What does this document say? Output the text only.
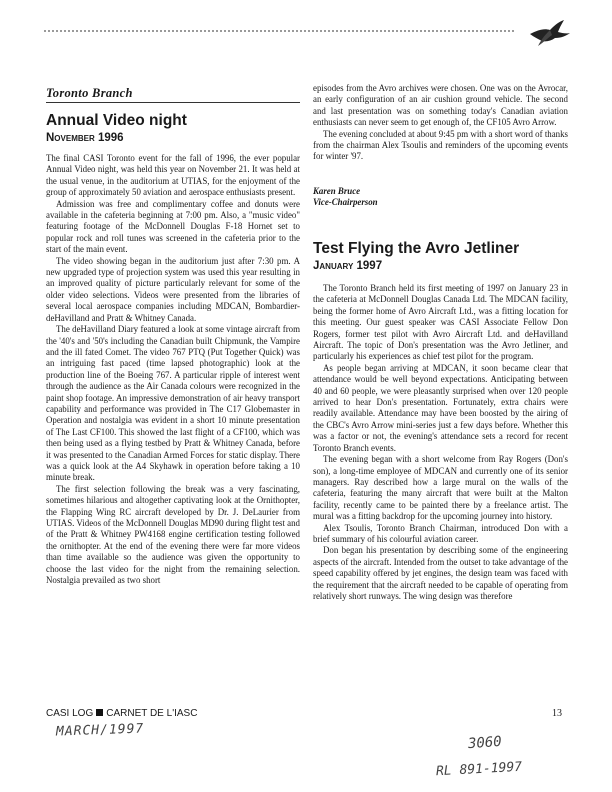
Toronto Branch
Annual Video night
November 1996

The final CASI Toronto event for the fall of 1996, the ever popular Annual Video night, was held this year on November 21. It was held at the usual venue, in the auditorium at UTIAS, for the enjoyment of the group of approximately 50 aviation and aerospace enthusiasts present.

Admission was free and complimentary coffee and donuts were available in the cafeteria beginning at 7:00 pm. Also, a "music video" featuring footage of the McDonnell Douglas F-18 Hornet set to popular rock and roll tunes was screened in the cafeteria prior to the start of the main event.

The video showing began in the auditorium just after 7:30 pm. A new upgraded type of projection system was used this year resulting in an improved quality of picture particularly relevant for some of the older video selections. Videos were presented from the libraries of several local aerospace companies including MDCAN, Bombardier-deHavilland and Pratt & Whitney Canada.

The deHavilland Diary featured a look at some vintage aircraft from the '40's and '50's including the Canadian built Chipmunk, the Vampire and the ill fated Comet. The video 767 PTQ (Put Together Quick) was an intriguing fast paced (time lapsed photographic) look at the production line of the Boeing 767. A particular ripple of interest went through the audience as the Air Canada colours were recognized in the paint shop footage. An impressive demonstration of air heavy transport capability and performance was provided in The C17 Globemaster in Operation and nostalgia was evident in a short 10 minute presentation of The Last CF100. This showed the last flight of a CF100, which was then being used as a flying testbed by Pratt & Whitney Canada, before it was presented to the Canadian Armed Forces for static display. There was a quick look at the A4 Skyhawk in operation before taking a 10 minute break.

The first selection following the break was a very fascinating, sometimes hilarious and altogether captivating look at the Ornithopter, the Flapping Wing RC aircraft developed by Dr. J. DeLaurier from UTIAS. Videos of the McDonnell Douglas MD90 during flight test and of the Pratt & Whitney PW4168 engine certification testing followed the ornithopter. At the end of the evening there were far more videos than time available so the audience was given the opportunity to choose the last video for the night from the remaining selection. Nostalgia prevailed as two short

episodes from the Avro archives were chosen. One was on the Avrocar, an early configuration of an air cushion ground vehicle. The second and last presentation was on something today's Canadian aviation enthusiasts can never seem to get enough of, the CF105 Avro Arrow.

The evening concluded at about 9:45 pm with a short word of thanks from the chairman Alex Tsoulis and reminders of the upcoming events for winter '97.

Karen Bruce
Vice-Chairperson
Test Flying the Avro Jetliner
January 1997

The Toronto Branch held its first meeting of 1997 on January 23 in the cafeteria at McDonnell Douglas Canada Ltd. The MDCAN facility, being the former home of Avro Aircraft Ltd., was a fitting location for this meeting. Our guest speaker was CASI Associate Fellow Don Rogers, former test pilot with Avro Aircraft Ltd. and deHavilland Aircraft. The topic of Don's presentation was the Avro Jetliner, and particularly his experiences as chief test pilot for the program.

As people began arriving at MDCAN, it soon became clear that attendance would be well beyond expectations. Anticipating between 40 and 60 people, we were pleasantly surprised when over 120 people arrived to hear Don's presentation. Fortunately, extra chairs were readily available. Attendance may have been boosted by the airing of the CBC's Avro Arrow mini-series just a few days before. Whether this was a factor or not, the evening's attendance sets a record for recent Toronto Branch events.

The evening began with a short welcome from Ray Rogers (Don's son), a long-time employee of MDCAN and currently one of its senior managers. Ray described how a large mural on the walls of the cafeteria, featuring the many aircraft that were built at the Malton facility, recently came to be painted there by a freelance artist. The mural was a fitting backdrop for the upcoming journey into history.

Alex Tsoulis, Toronto Branch Chairman, introduced Don with a brief summary of his colourful aviation career.

Don began his presentation by describing some of the engineering aspects of the aircraft. Intended from the outset to take advantage of the speed capability offered by jet engines, the design team was faced with the requirement that the aircraft needed to be capable of operating from relatively short runways. The wing design was therefore

CASI LOG CARNET DE L'IASC	13
MARCH/1997
3060
RL 891-1997
